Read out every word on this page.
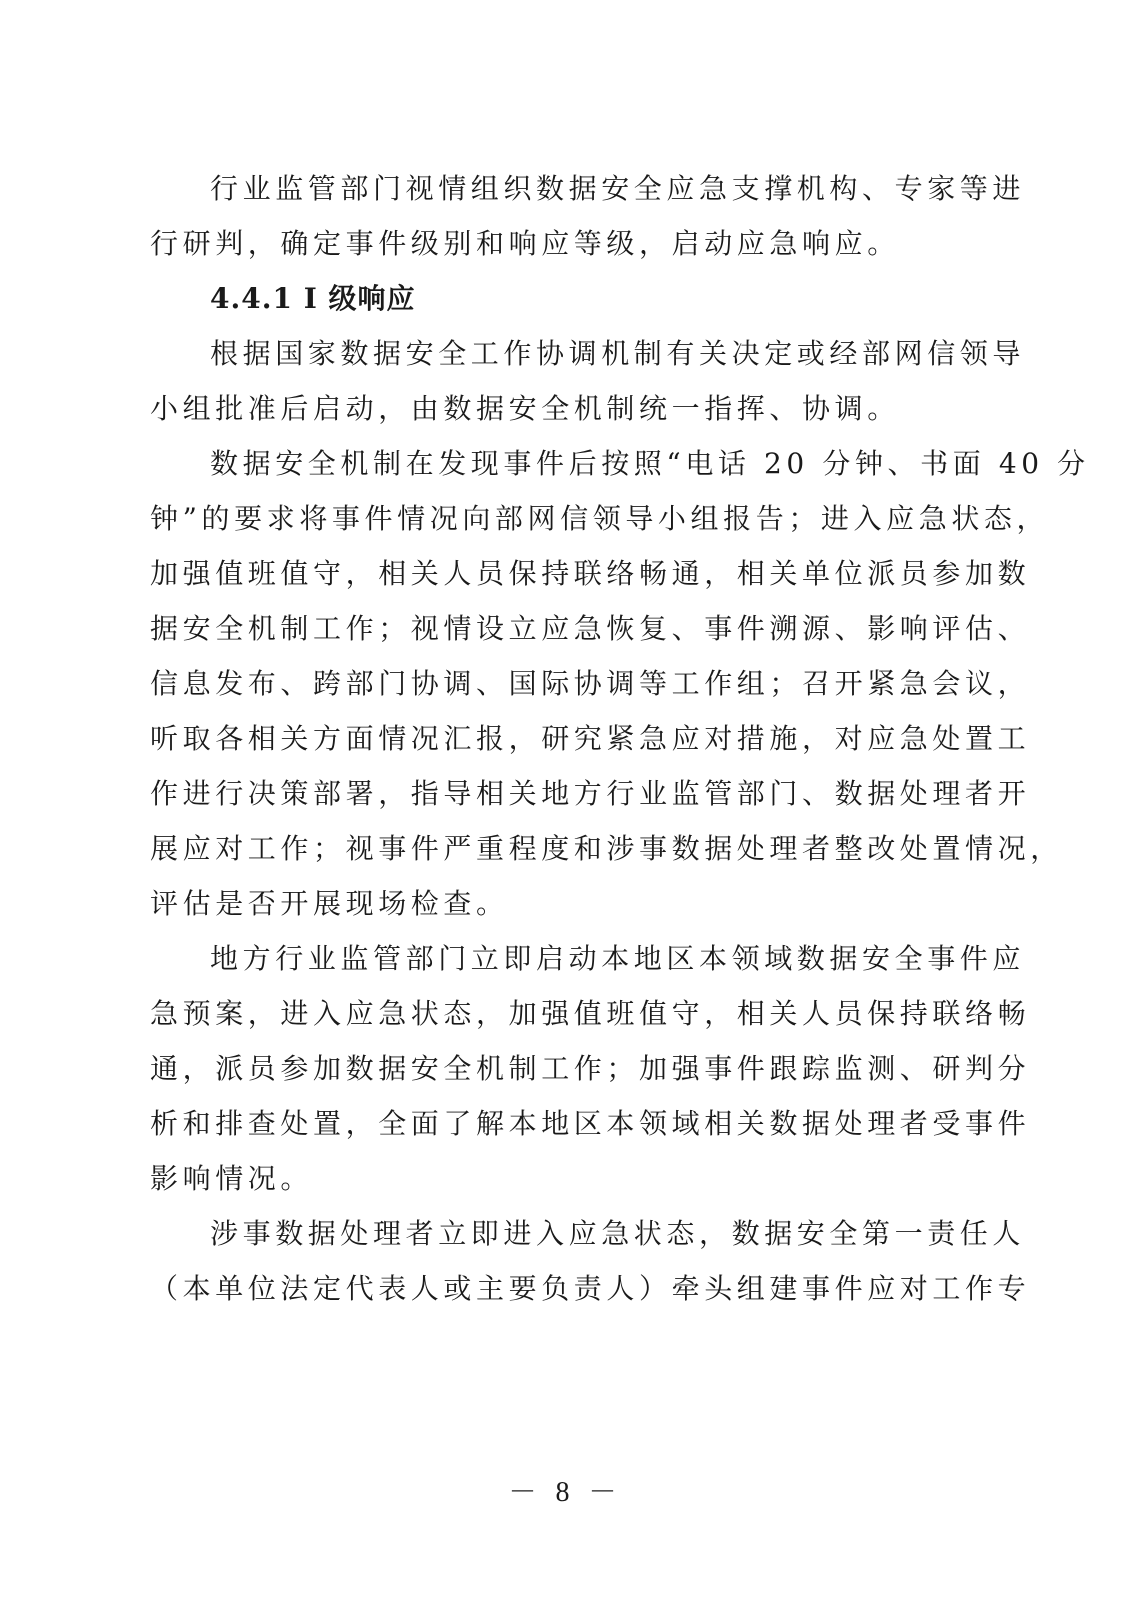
行业监管部门视情组织数据安全应急支撑机构、专家等进
行研判，确定事件级别和响应等级，启动应急响应。
4.4.1 I 级响应
根据国家数据安全工作协调机制有关决定或经部网信领导
小组批准后启动，由数据安全机制统一指挥、协调。
数据安全机制在发现事件后按照“电话 20 分钟、书面 40 分
钟”的要求将事件情况向部网信领导小组报告；进入应急状态，
加强值班值守，相关人员保持联络畅通，相关单位派员参加数
据安全机制工作；视情设立应急恢复、事件溯源、影响评估、
信息发布、跨部门协调、国际协调等工作组；召开紧急会议，
听取各相关方面情况汇报，研究紧急应对措施，对应急处置工
作进行决策部署，指导相关地方行业监管部门、数据处理者开
展应对工作；视事件严重程度和涉事数据处理者整改处置情况，
评估是否开展现场检查。
地方行业监管部门立即启动本地区本领域数据安全事件应
急预案，进入应急状态，加强值班值守，相关人员保持联络畅
通，派员参加数据安全机制工作；加强事件跟踪监测、研判分
析和排查处置，全面了解本地区本领域相关数据处理者受事件
影响情况。
涉事数据处理者立即进入应急状态，数据安全第一责任人
（本单位法定代表人或主要负责人）牵头组建事件应对工作专
－ 8 －
